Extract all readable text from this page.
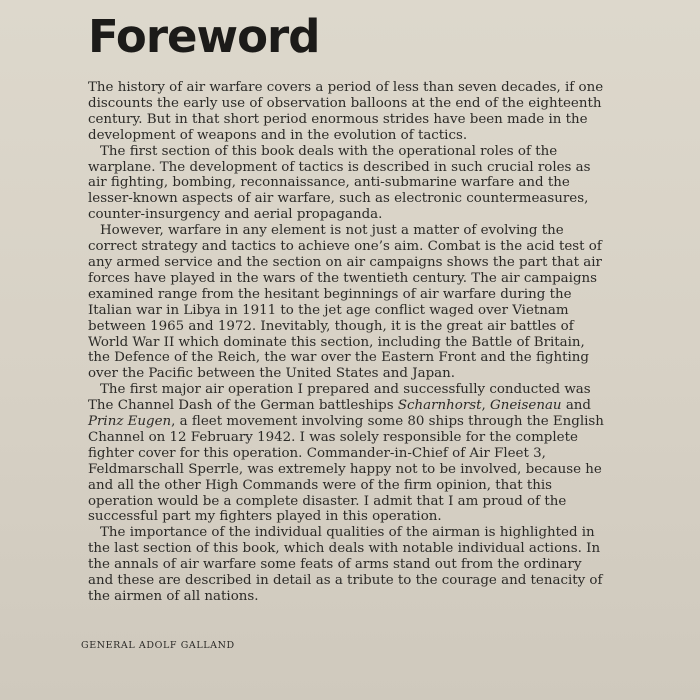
Foreword

The history of air warfare covers a period of less than seven decades, if one discounts the early use of observation balloons at the end of the eighteenth century. But in that short period enormous strides have been made in the development of weapons and in the evolution of tactics.

The first section of this book deals with the operational roles of the warplane. The development of tactics is described in such crucial roles as air fighting, bombing, reconnaissance, anti-submarine warfare and the lesser-known aspects of air warfare, such as electronic countermeasures, counter-insurgency and aerial propaganda.

However, warfare in any element is not just a matter of evolving the correct strategy and tactics to achieve one’s aim. Combat is the acid test of any armed service and the section on air campaigns shows the part that air forces have played in the wars of the twentieth century. The air campaigns examined range from the hesitant beginnings of air warfare during the Italian war in Libya in 1911 to the jet age conflict waged over Vietnam between 1965 and 1972. Inevitably, though, it is the great air battles of World War II which dominate this section, including the Battle of Britain, the Defence of the Reich, the war over the Eastern Front and the fighting over the Pacific between the United States and Japan.

The first major air operation I prepared and successfully conducted was The Channel Dash of the German battleships Scharnhorst, Gneisenau and Prinz Eugen, a fleet movement involving some 80 ships through the English Channel on 12 February 1942. I was solely responsible for the complete fighter cover for this operation. Commander-in-Chief of Air Fleet 3, Feldmarschall Sperrle, was extremely happy not to be involved, because he and all the other High Commands were of the firm opinion, that this operation would be a complete disaster. I admit that I am proud of the successful part my fighters played in this operation.

The importance of the individual qualities of the airman is highlighted in the last section of this book, which deals with notable individual actions. In the annals of air warfare some feats of arms stand out from the ordinary and these are described in detail as a tribute to the courage and tenacity of the airmen of all nations.

GENERAL ADOLF GALLAND
